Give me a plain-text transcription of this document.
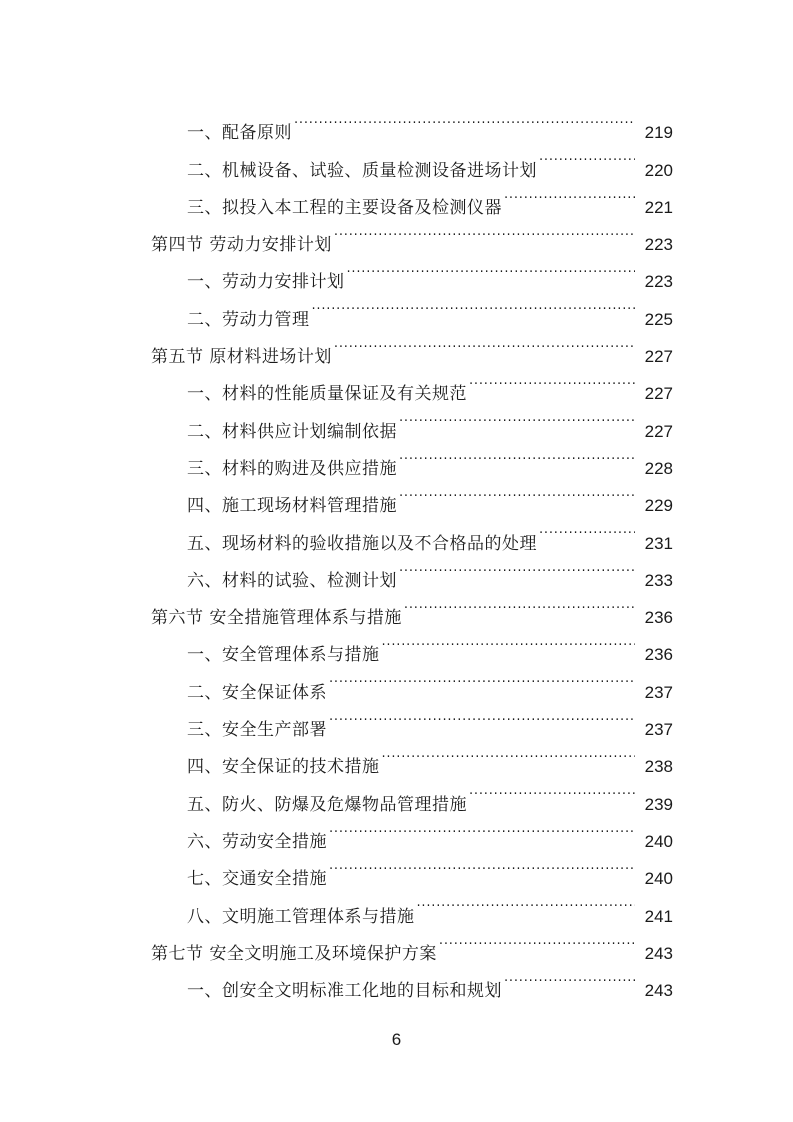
一、配备原则 .....	219
二、机械设备、试验、质量检测设备进场计划 .....	220
三、拟投入本工程的主要设备及检测仪器 .....	221
第四节 劳动力安排计划 .....	223
一、劳动力安排计划 .....	223
二、劳动力管理 .....	225
第五节 原材料进场计划 .....	227
一、材料的性能质量保证及有关规范 .....	227
二、材料供应计划编制依据 .....	227
三、材料的购进及供应措施 .....	228
四、施工现场材料管理措施 .....	229
五、现场材料的验收措施以及不合格品的处理 .....	231
六、材料的试验、检测计划 .....	233
第六节 安全措施管理体系与措施 .....	236
一、安全管理体系与措施 .....	236
二、安全保证体系 .....	237
三、安全生产部署 .....	237
四、安全保证的技术措施 .....	238
五、防火、防爆及危爆物品管理措施 .....	239
六、劳动安全措施 .....	240
七、交通安全措施 .....	240
八、文明施工管理体系与措施 .....	241
第七节 安全文明施工及环境保护方案 .....	243
一、创安全文明标准工化地的目标和规划 .....	243
6
